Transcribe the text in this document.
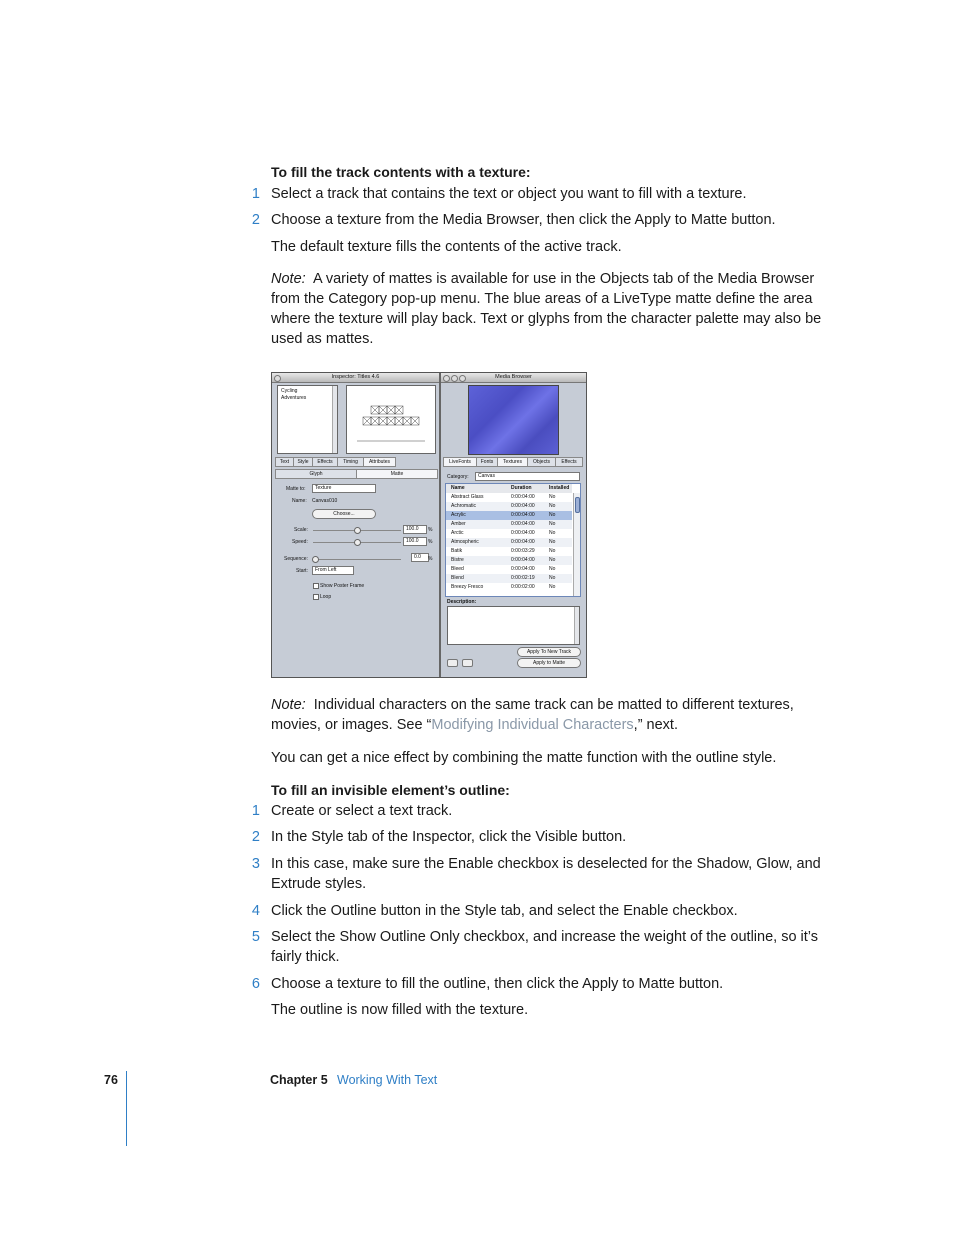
To fill the track contents with a texture:
1 Select a track that contains the text or object you want to fill with a texture.
2 Choose a texture from the Media Browser, then click the Apply to Matte button.
The default texture fills the contents of the active track.
Note: A variety of mattes is available for use in the Objects tab of the Media Browser
from the Category pop-up menu. The blue areas of a LiveType matte define the area
where the texture will play back. Text or glyphs from the character palette may also be
used as mattes.
Inspector: Titles 4.6
Cycling
Adventures
Text	Style	Effects	Timing	Attributes
Glyph	Matte
Matte to:	Texture
Name: Canvas010
Choose...
Scale:	100.0	%
Speed:	100.0	%
Sequence:	0.0	%
Start:	From Left
Show Poster Frame
Loop
Media Browser
LiveFonts	Fonts	Textures	Objects	Effects
Category:	Canvas
Name	Duration	Installed
Abstract Glass	0:00:04:00	No
Achromatic	0:00:04:00	No
Acrylic	0:00:04:00	No
Amber	0:00:04:00	No
Arctic	0:00:04:00	No
Atmospheric	0:00:04:00	No
Batik	0:00:03:29	No
Bistre	0:00:04:00	No
Bleed	0:00:04:00	No
Blend	0:00:02:19	No
Breezy Fresco	0:00:02:00	No
Description:
Apply To New Track
Apply to Matte
Note: Individual characters on the same track can be matted to different textures,
movies, or images. See “Modifying Individual Characters,” next.
You can get a nice effect by combining the matte function with the outline style.
To fill an invisible element’s outline:
1 Create or select a text track.
2 In the Style tab of the Inspector, click the Visible button.
3 In this case, make sure the Enable checkbox is deselected for the Shadow, Glow, and
Extrude styles.
4 Click the Outline button in the Style tab, and select the Enable checkbox.
5 Select the Show Outline Only checkbox, and increase the weight of the outline, so it’s
fairly thick.
6 Choose a texture to fill the outline, then click the Apply to Matte button.
The outline is now filled with the texture.
76	Chapter 5 Working With Text
